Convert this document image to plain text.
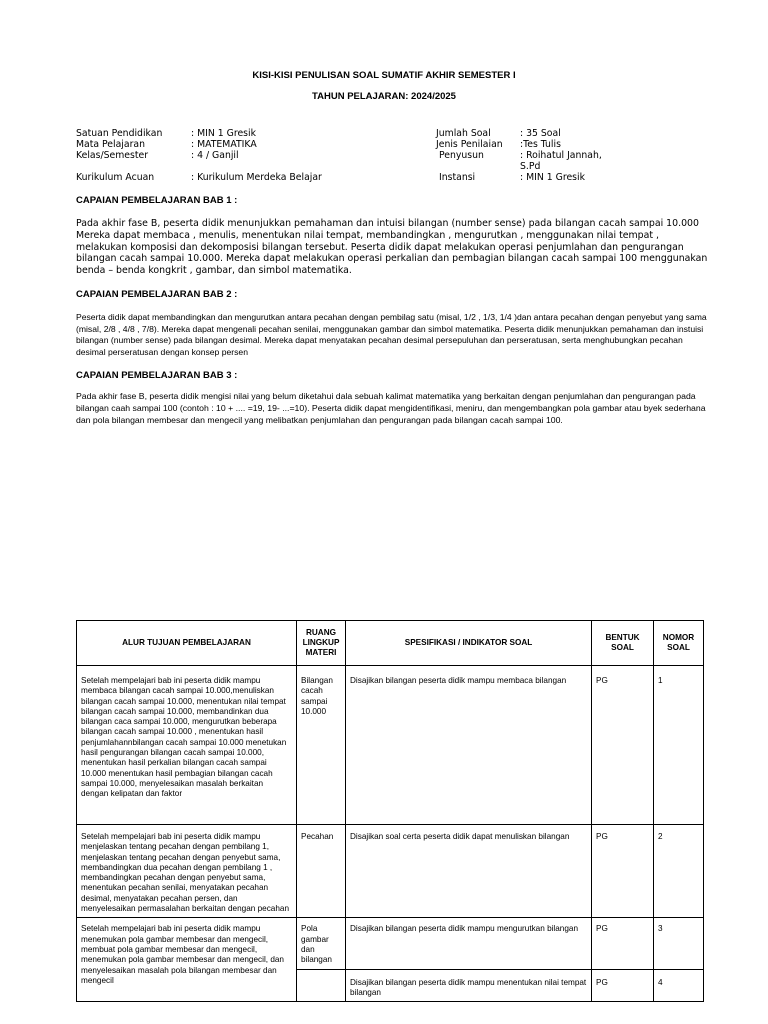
KISI-KISI PENULISAN SOAL SUMATIF AKHIR SEMESTER I
TAHUN PELAJARAN: 2024/2025
Satuan Pendidikan	: MIN 1 Gresik
Mata Pelajaran	: MATEMATIKA
Kelas/Semester	: 4 / Ganjil
Kurikulum Acuan	: Kurikulum Merdeka Belajar
Jumlah Soal	: 35 Soal
Jenis Penilaian :Tes Tulis
Penyusun	: Roihatul Jannah,
S.Pd
Instansi	: MIN 1 Gresik
CAPAIAN PEMBELAJARAN BAB 1 :
Pada akhir fase B, peserta didik menunjukkan pemahaman dan intuisi bilangan (number sense) pada bilangan cacah sampai 10.000 Mereka dapat membaca , menulis, menentukan nilai tempat, membandingkan , mengurutkan , menggunakan nilai tempat , melakukan komposisi dan dekomposisi bilangan tersebut. Peserta didik dapat melakukan operasi penjumlahan dan pengurangan bilangan cacah sampai 10.000. Mereka dapat melakukan operasi perkalian dan pembagian bilangan cacah sampai 100 menggunakan benda – benda kongkrit , gambar, dan simbol matematika.
CAPAIAN PEMBELAJARAN BAB 2 :
Peserta didik dapat membandingkan dan mengurutkan antara pecahan dengan pembilag satu (misal, 1/2 , 1/3, 1/4 )dan antara pecahan dengan penyebut yang sama (misal, 2/8 , 4/8 , 7/8). Mereka dapat mengenali pecahan senilai, menggunakan gambar dan simbol matematika. Peserta didik menunjukkan pemahaman dan instuisi bilangan (number sense) pada bilangan desimal. Mereka dapat menyatakan pecahan desimal persepuluhan dan perseratusan, serta menghubungkan pecahan desimal perseratusan dengan konsep persen
CAPAIAN PEMBELAJARAN BAB 3 :
Pada akhir fase B, peserta didik mengisi nilai yang belum diketahui dala sebuah kalimat matematika yang berkaitan dengan penjumlahan dan pengurangan pada bilangan caah sampai 100 (contoh : 10 + .... =19, 19- ...=10). Peserta didik dapat mengidentifikasi, meniru, dan mengembangkan pola gambar atau byek sederhana dan pola bilangan membesar dan mengecil yang melibatkan penjumlahan dan pengurangan pada bilangan cacah sampai 100.
ALUR TUJUAN PEMBELAJARAN	RUANG LINGKUP MATERI	SPESIFIKASI / INDIKATOR SOAL	BENTUK SOAL	NOMOR SOAL
Setelah mempelajari bab ini peserta didik mampu membaca bilangan cacah sampai 10.000,menuliskan bilangan cacah sampai 10.000, menentukan nilai tempat bilangan cacah sampai 10.000, membandinkan dua bilangan caca sampai 10.000, mengurutkan beberapa bilangan cacah sampai 10.000 , menentukan hasil penjumlahannbilangan cacah sampai 10.000 menetukan hasil pengurangan bilangan cacah sampai 10.000, menentukan hasil perkalian bilangan cacah sampai 10.000 menentukan hasil pembagian bilangan cacah sampai 10.000, menyelesaikan masalah berkaitan dengan kelipatan dan faktor	Bilangan cacah sampai 10.000	Disajikan bilangan peserta didik mampu membaca bilangan	PG	1
Setelah mempelajari bab ini peserta didik mampu menjelaskan tentang pecahan dengan pembilang 1, menjelaskan tentang pecahan dengan penyebut sama, membandingkan dua pecahan dengan pembilang 1 , membandingkan pecahan dengan penyebut sama, menentukan pecahan senilai, menyatakan pecahan desimal, menyatakan pecahan persen, dan menyelesaikan permasalahan berkaitan dengan pecahan	Pecahan	Disajikan soal certa peserta didik dapat menuliskan bilangan	PG	2
Setelah mempelajari bab ini peserta didik mampu menemukan pola gambar membesar dan mengecil, membuat pola gambar membesar dan mengecil, menemukan pola gambar membesar dan mengecil, dan menyelesaikan masalah pola bilangan membesar dan mengecil	Pola gambar dan bilangan	Disajikan bilangan peserta didik mampu mengurutkan bilangan	PG	3
		Disajikan bilangan peserta didik mampu menentukan nilai tempat bilangan	PG	4
